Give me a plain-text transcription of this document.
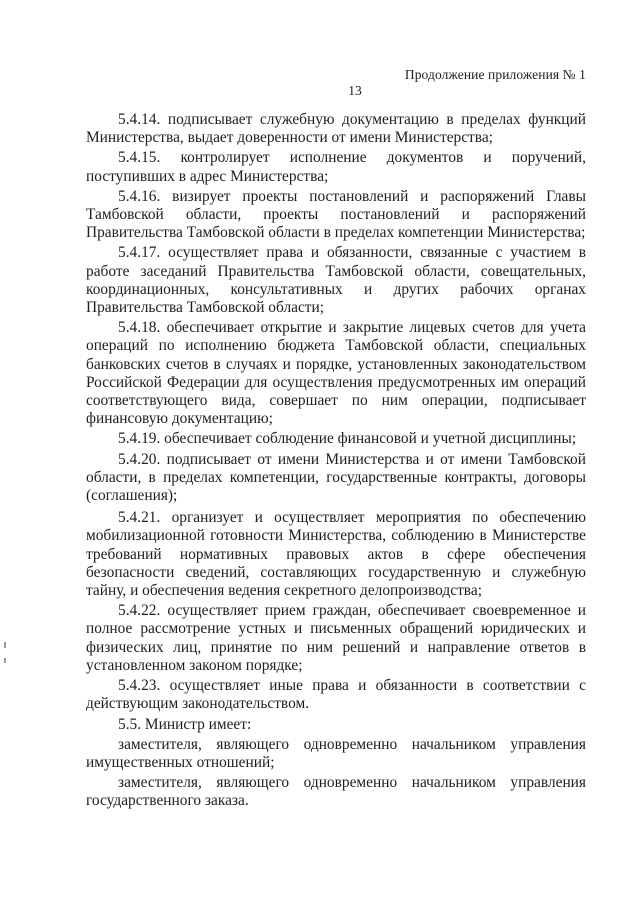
Продолжение приложения № 1
13

5.4.14. подписывает служебную документацию в пределах функций Министерства, выдает доверенности от имени Министерства;

5.4.15. контролирует исполнение документов и поручений, поступивших в адрес Министерства;

5.4.16. визирует проекты постановлений и распоряжений Главы Тамбовской области, проекты постановлений и распоряжений Правительства Тамбовской области в пределах компетенции Министерства;

5.4.17. осуществляет права и обязанности, связанные с участием в работе заседаний Правительства Тамбовской области, совещательных, координационных, консультативных и других рабочих органах Правительства Тамбовской области;

5.4.18. обеспечивает открытие и закрытие лицевых счетов для учета операций по исполнению бюджета Тамбовской области, специальных банковских счетов в случаях и порядке, установленных законодательством Российской Федерации для осуществления предусмотренных им операций соответствующего вида, совершает по ним операции, подписывает финансовую документацию;

5.4.19. обеспечивает соблюдение финансовой и учетной дисциплины;

5.4.20. подписывает от имени Министерства и от имени Тамбовской области, в пределах компетенции, государственные контракты, договоры (соглашения);

5.4.21. организует и осуществляет мероприятия по обеспечению мобилизационной готовности Министерства, соблюдению в Министерстве требований нормативных правовых актов в сфере обеспечения безопасности сведений, составляющих государственную и служебную тайну, и обеспечения ведения секретного делопроизводства;

5.4.22. осуществляет прием граждан, обеспечивает своевременное и полное рассмотрение устных и письменных обращений юридических и физических лиц, принятие по ним решений и направление ответов в установленном законом порядке;

5.4.23. осуществляет иные права и обязанности в соответствии с действующим законодательством.

5.5. Министр имеет:

заместителя, являющего одновременно начальником управления имущественных отношений;

заместителя, являющего одновременно начальником управления государственного заказа.
